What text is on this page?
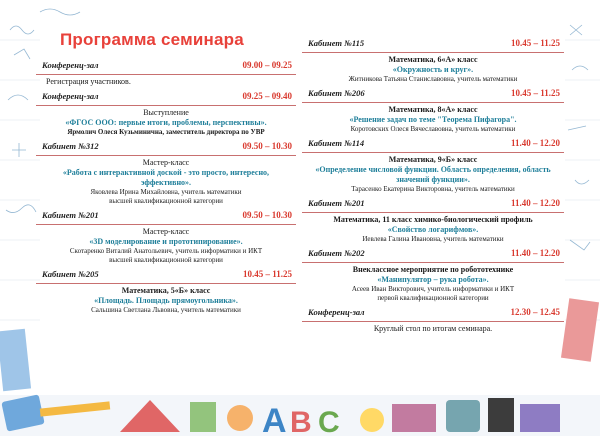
A B C
Программа семинара
Конференц-зал	09.00 – 09.25
Регистрация участников.
Конференц-зал	09.25 – 09.40
Выступление
«ФГОС ООО: первые итоги, проблемы, перспективы».
Ярмолич Олеся Кузьминична, заместитель директора по УВР
Кабинет №312	09.50 – 10.30
Мастер-класс
«Работа с интерактивной доской - это просто, интересно, эффективно».
Яковлева Ирина Михайловна, учитель математики
высшей квалификационной категории
Кабинет №201	09.50 – 10.30
Мастер-класс
«3D моделирование и прототипирование».
Скотаренко Виталий Анатольевич, учитель информатики и ИКТ
высшей квалификационной категории
Кабинет №205	10.45 – 11.25
Математика, 5«Б» класс
«Площадь. Площадь прямоугольника».
Сальшина Светлана Львовна, учитель математики
Кабинет №115	10.45 – 11.25
Математика, 6«А» класс
«Окружность и круг».
Житникова Татьяна Станиславовна, учитель математики
Кабинет №206	10.45 – 11.25
Математика, 8«А» класс
«Решение задач по теме "Теорема Пифагора".
Коротовских Олеся Вячеславовна, учитель математики
Кабинет №114	11.40 – 12.20
Математика, 9«Б» класс
«Определение числовой функции. Область определения, область значений функции».
Тарасенко Екатерина Викторовна, учитель математики
Кабинет №201	11.40 – 12.20
Математика, 11 класс химико-биологический профиль
«Свойство логарифмов».
Иевлева Галина Ивановна, учитель математики
Кабинет №202	11.40 – 12.20
Внеклассное мероприятие по робототехнике
«Манипулятор – рука робота».
Асеев Иван Викторович, учитель информатики и ИКТ
первой квалификационной категории
Конференц-зал	12.30 – 12.45
Круглый стол по итогам семинара.
